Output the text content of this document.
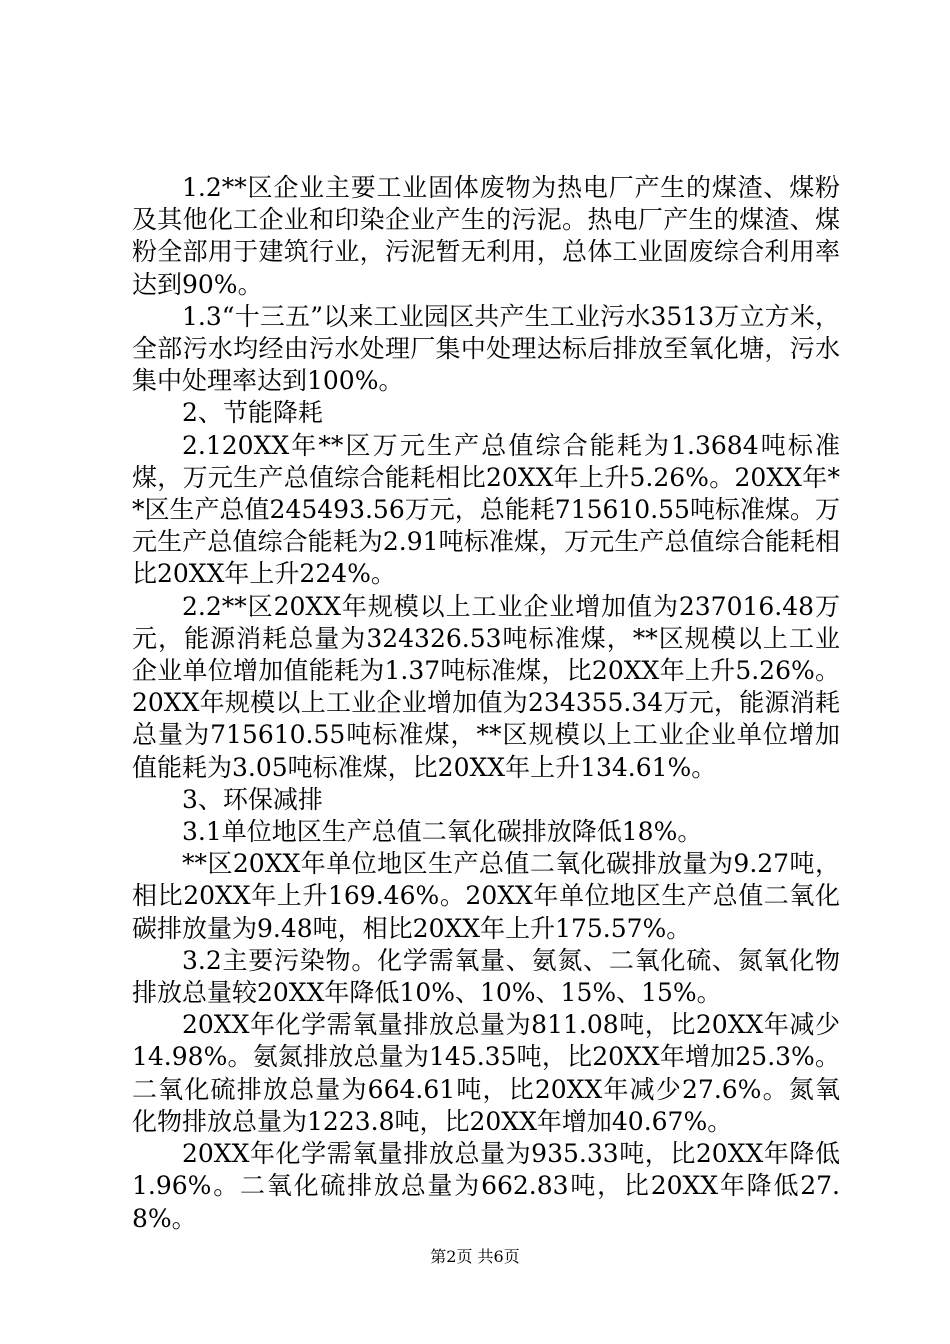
1.2**区企业主要工业固体废物为热电厂产生的煤渣、煤粉及其他化工企业和印染企业产生的污泥。热电厂产生的煤渣、煤粉全部用于建筑行业，污泥暂无利用，总体工业固废综合利用率达到90%。

1.3“十三五”以来工业园区共产生工业污水3513万立方米，全部污水均经由污水处理厂集中处理达标后排放至氧化塘，污水集中处理率达到100%。

2、节能降耗

2.120XX年**区万元生产总值综合能耗为1.3684吨标准煤，万元生产总值综合能耗相比20XX年上升5.26%。20XX年**区生产总值245493.56万元，总能耗715610.55吨标准煤。万元生产总值综合能耗为2.91吨标准煤，万元生产总值综合能耗相比20XX年上升224%。

2.2**区20XX年规模以上工业企业增加值为237016.48万元，能源消耗总量为324326.53吨标准煤，**区规模以上工业企业单位增加值能耗为1.37吨标准煤，比20XX年上升5.26%。20XX年规模以上工业企业增加值为234355.34万元，能源消耗总量为715610.55吨标准煤，**区规模以上工业企业单位增加值能耗为3.05吨标准煤，比20XX年上升134.61%。

3、环保减排

3.1单位地区生产总值二氧化碳排放降低18%。

**区20XX年单位地区生产总值二氧化碳排放量为9.27吨，相比20XX年上升169.46%。20XX年单位地区生产总值二氧化碳排放量为9.48吨，相比20XX年上升175.57%。

3.2主要污染物。化学需氧量、氨氮、二氧化硫、氮氧化物排放总量较20XX年降低10%、10%、15%、15%。

20XX年化学需氧量排放总量为811.08吨，比20XX年减少14.98%。氨氮排放总量为145.35吨，比20XX年增加25.3%。二氧化硫排放总量为664.61吨，比20XX年减少27.6%。氮氧化物排放总量为1223.8吨，比20XX年增加40.67%。

20XX年化学需氧量排放总量为935.33吨，比20XX年降低1.96%。二氧化硫排放总量为662.83吨，比20XX年降低27.8%。

第2页 共6页
